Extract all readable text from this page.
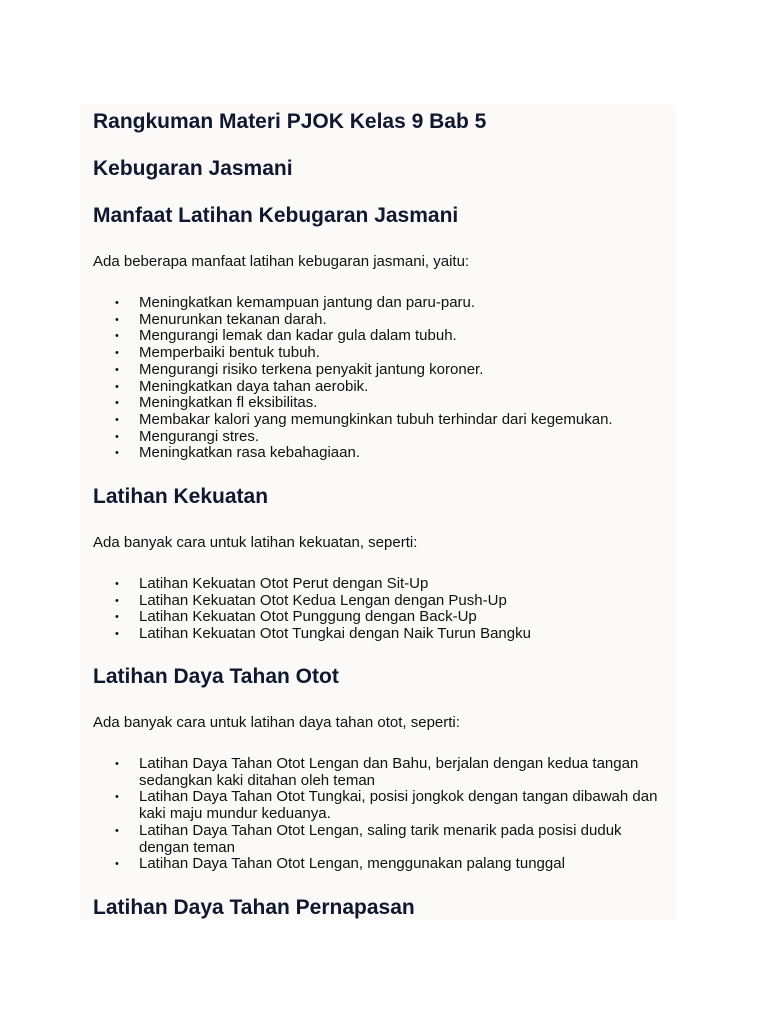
Rangkuman Materi PJOK Kelas 9 Bab 5
Kebugaran Jasmani
Manfaat Latihan Kebugaran Jasmani

Ada beberapa manfaat latihan kebugaran jasmani, yaitu:

• Meningkatkan kemampuan jantung dan paru-paru.
• Menurunkan tekanan darah.
• Mengurangi lemak dan kadar gula dalam tubuh.
• Memperbaiki bentuk tubuh.
• Mengurangi risiko terkena penyakit jantung koroner.
• Meningkatkan daya tahan aerobik.
• Meningkatkan fl eksibilitas.
• Membakar kalori yang memungkinkan tubuh terhindar dari kegemukan.
• Mengurangi stres.
• Meningkatkan rasa kebahagiaan.
Latihan Kekuatan

Ada banyak cara untuk latihan kekuatan, seperti:

• Latihan Kekuatan Otot Perut dengan Sit-Up
• Latihan Kekuatan Otot Kedua Lengan dengan Push-Up
• Latihan Kekuatan Otot Punggung dengan Back-Up
• Latihan Kekuatan Otot Tungkai dengan Naik Turun Bangku
Latihan Daya Tahan Otot

Ada banyak cara untuk latihan daya tahan otot, seperti:

• Latihan Daya Tahan Otot Lengan dan Bahu, berjalan dengan kedua tangan sedangkan kaki ditahan oleh teman
• Latihan Daya Tahan Otot Tungkai, posisi jongkok dengan tangan dibawah dan kaki maju mundur keduanya.
• Latihan Daya Tahan Otot Lengan, saling tarik menarik pada posisi duduk dengan teman
• Latihan Daya Tahan Otot Lengan, menggunakan palang tunggal
Latihan Daya Tahan Pernapasan
